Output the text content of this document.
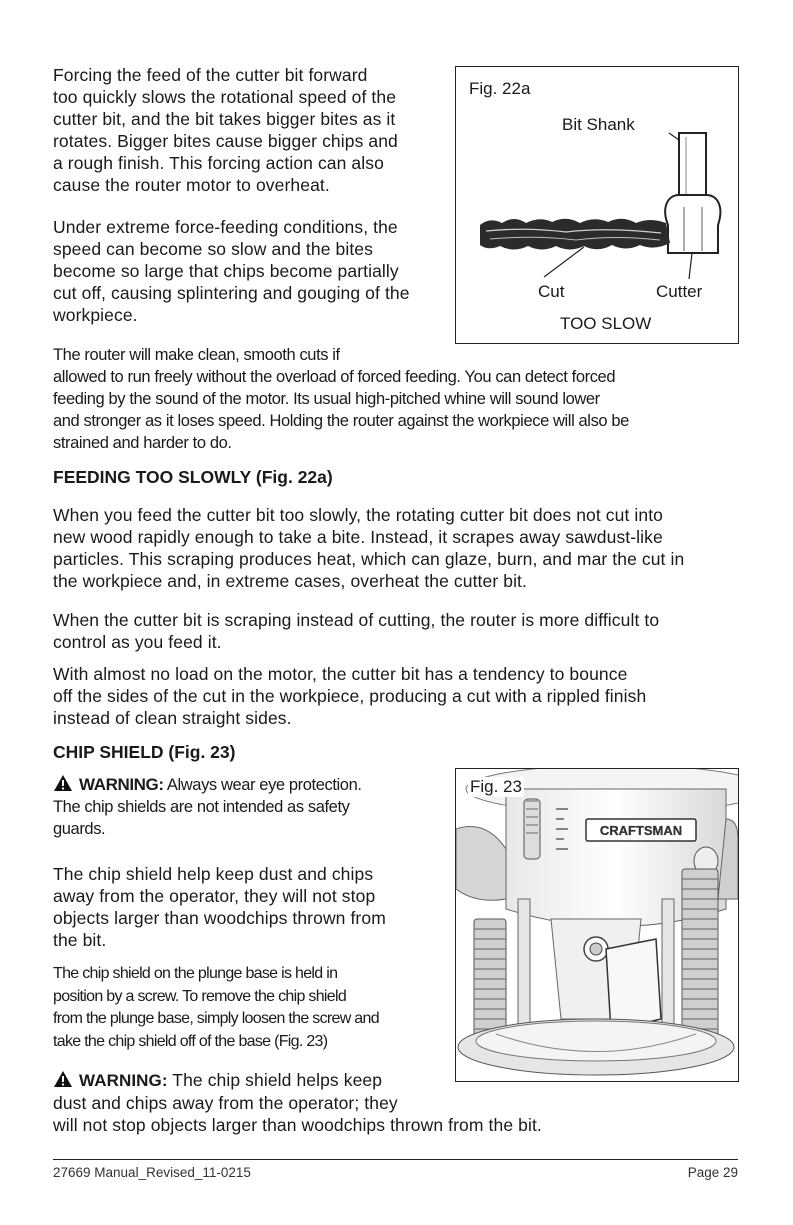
Forcing the feed of the cutter bit forward
too quickly slows the rotational speed of the
cutter bit, and the bit takes bigger bites as it
rotates. Bigger bites cause bigger chips and
a rough finish. This forcing action can also
cause the router motor to overheat.
Under extreme force-feeding conditions, the
speed can become so slow and the bites
become so large that chips become partially
cut off, causing splintering and gouging of the
workpiece.
The router will make clean, smooth cuts if
allowed to run freely without the overload of forced feeding. You can detect forced
feeding by the sound of the motor. Its usual high-pitched whine will sound lower
and stronger as it loses speed. Holding the router against the workpiece will also be
strained and harder to do.
Fig. 22a
Bit Shank
Cut	Cutter
TOO SLOW
FEEDING TOO SLOWLY (Fig. 22a)
When you feed the cutter bit too slowly, the rotating cutter bit does not cut into
new wood rapidly enough to take a bite. Instead, it scrapes away sawdust-like
particles. This scraping produces heat, which can glaze, burn, and mar the cut in
the workpiece and, in extreme cases, overheat the cutter bit.
When the cutter bit is scraping instead of cutting, the router is more difficult to
control as you feed it.
With almost no load on the motor, the cutter bit has a tendency to bounce
off the sides of the cut in the workpiece, producing a cut with a rippled finish
instead of clean straight sides.
CHIP SHIELD (Fig. 23)
WARNING: Always wear eye protection.
The chip shields are not intended as safety
guards.
The chip shield help keep dust and chips
away from the operator, they will not stop
objects larger than woodchips thrown from
the bit.
The chip shield on the plunge base is held in
position by a screw. To remove the chip shield
from the plunge base, simply loosen the screw and
take the chip shield off of the base (Fig. 23)
WARNING: The chip shield helps keep
dust and chips away from the operator; they
will not stop objects larger than woodchips thrown from the bit.
CRAFTSMAN
Fig. 23
27669 Manual_Revised_11-0215	Page 29
